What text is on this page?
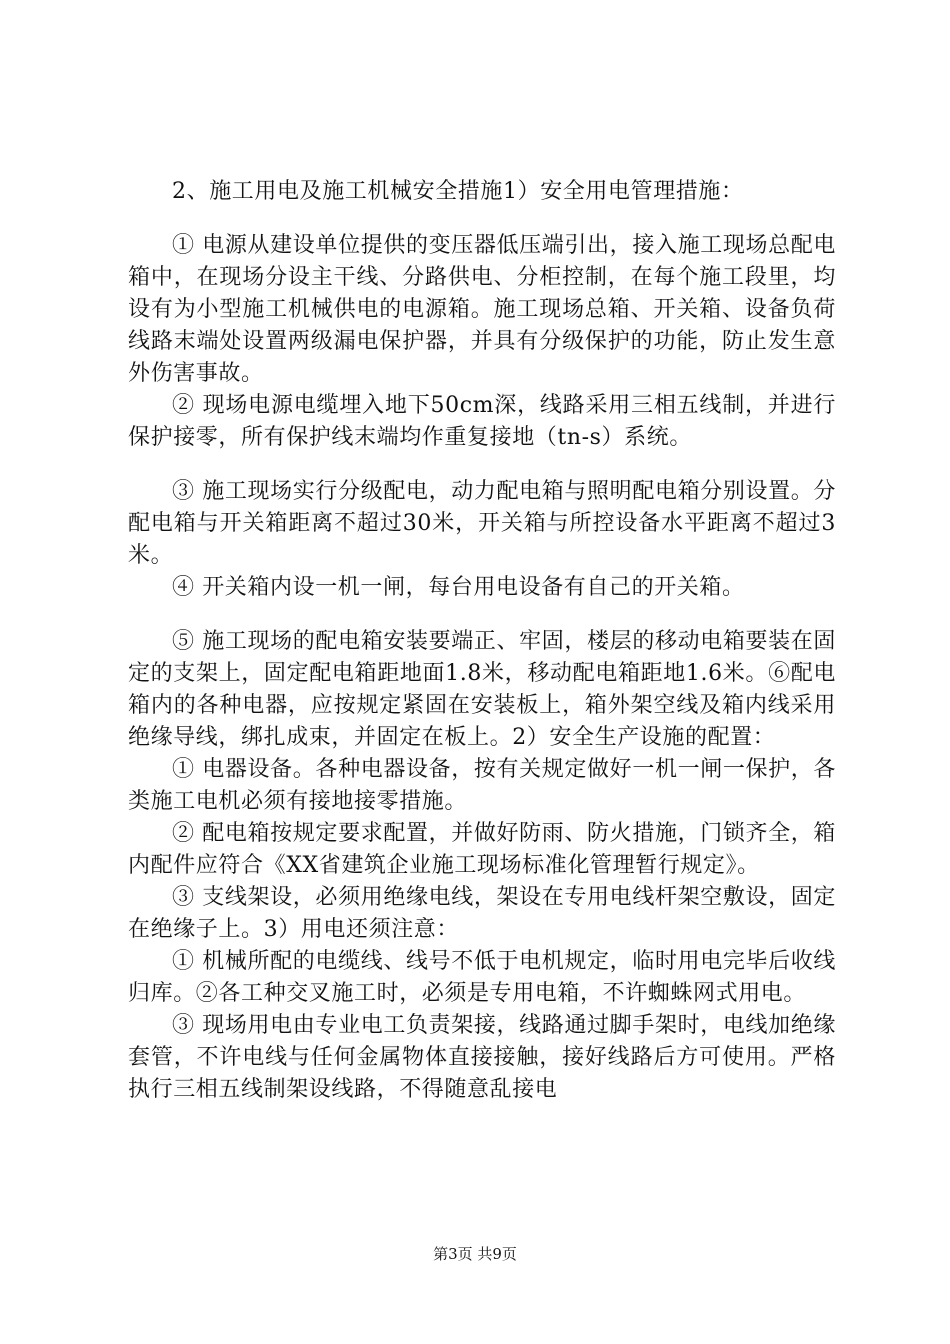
2、施工用电及施工机械安全措施1）安全用电管理措施：

① 电源从建设单位提供的变压器低压端引出，接入施工现场总配电箱中，在现场分设主干线、分路供电、分柜控制，在每个施工段里，均设有为小型施工机械供电的电源箱。施工现场总箱、开关箱、设备负荷线路末端处设置两级漏电保护器，并具有分级保护的功能，防止发生意外伤害事故。

② 现场电源电缆埋入地下50cm深，线路采用三相五线制，并进行保护接零，所有保护线末端均作重复接地（tn-s）系统。

③ 施工现场实行分级配电，动力配电箱与照明配电箱分别设置。分配电箱与开关箱距离不超过30米，开关箱与所控设备水平距离不超过3米。

④ 开关箱内设一机一闸，每台用电设备有自己的开关箱。

⑤ 施工现场的配电箱安装要端正、牢固，楼层的移动电箱要装在固定的支架上，固定配电箱距地面1.8米，移动配电箱距地1.6米。⑥配电箱内的各种电器，应按规定紧固在安装板上，箱外架空线及箱内线采用绝缘导线，绑扎成束，并固定在板上。2）安全生产设施的配置：

① 电器设备。各种电器设备，按有关规定做好一机一闸一保护，各类施工电机必须有接地接零措施。

② 配电箱按规定要求配置，并做好防雨、防火措施，门锁齐全，箱内配件应符合《XX省建筑企业施工现场标准化管理暂行规定》。

③ 支线架设，必须用绝缘电线，架设在专用电线杆架空敷设，固定在绝缘子上。3）用电还须注意：

① 机械所配的电缆线、线号不低于电机规定，临时用电完毕后收线归库。②各工种交叉施工时，必须是专用电箱，不许蜘蛛网式用电。

③ 现场用电由专业电工负责架接，线路通过脚手架时，电线加绝缘套管，不许电线与任何金属物体直接接触，接好线路后方可使用。严格执行三相五线制架设线路，不得随意乱接电

第3页 共9页
